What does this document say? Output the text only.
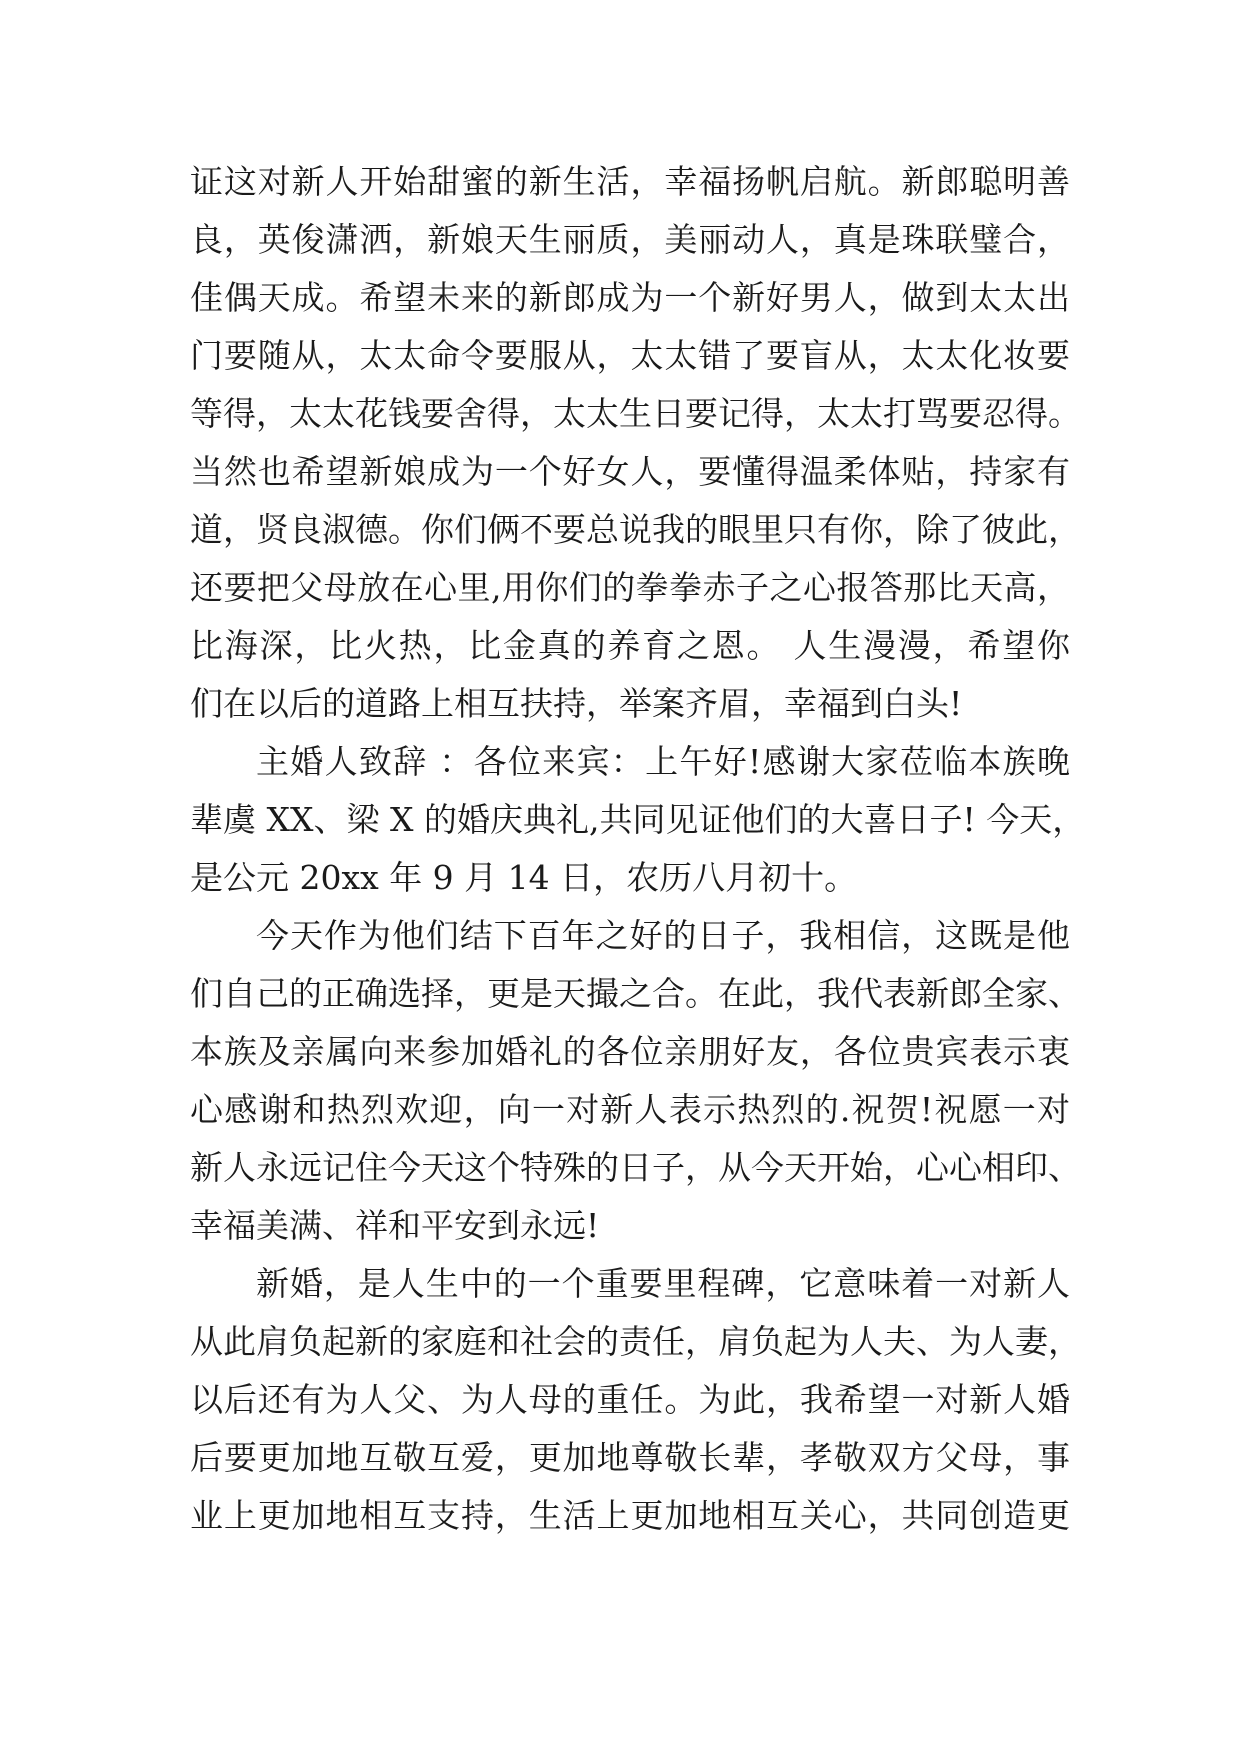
证这对新人开始甜蜜的新生活，幸福扬帆启航。新郎聪明善
良，英俊潇洒，新娘天生丽质，美丽动人，真是珠联璧合，
佳偶天成。希望未来的新郎成为一个新好男人，做到太太出
门要随从，太太命令要服从，太太错了要盲从，太太化妆要
等得，太太花钱要舍得，太太生日要记得，太太打骂要忍得。
当然也希望新娘成为一个好女人，要懂得温柔体贴，持家有
道，贤良淑德。你们俩不要总说我的眼里只有你，除了彼此，
还要把父母放在心里,用你们的拳拳赤子之心报答那比天高，
比海深，比火热，比金真的养育之恩。 人生漫漫，希望你
们在以后的道路上相互扶持，举案齐眉，幸福到白头!
主婚人致辞 ：各位来宾：上午好!感谢大家莅临本族晚
辈虞 XX、梁 X 的婚庆典礼,共同见证他们的大喜日子! 今天，
是公元 20xx 年 9 月 14 日，农历八月初十。
今天作为他们结下百年之好的日子，我相信，这既是他
们自己的正确选择，更是天撮之合。在此，我代表新郎全家、
本族及亲属向来参加婚礼的各位亲朋好友，各位贵宾表示衷
心感谢和热烈欢迎，向一对新人表示热烈的.祝贺!祝愿一对
新人永远记住今天这个特殊的日子，从今天开始，心心相印、
幸福美满、祥和平安到永远!
新婚，是人生中的一个重要里程碑，它意味着一对新人
从此肩负起新的家庭和社会的责任，肩负起为人夫、为人妻，
以后还有为人父、为人母的重任。为此，我希望一对新人婚
后要更加地互敬互爱，更加地尊敬长辈，孝敬双方父母，事
业上更加地相互支持，生活上更加地相互关心，共同创造更
